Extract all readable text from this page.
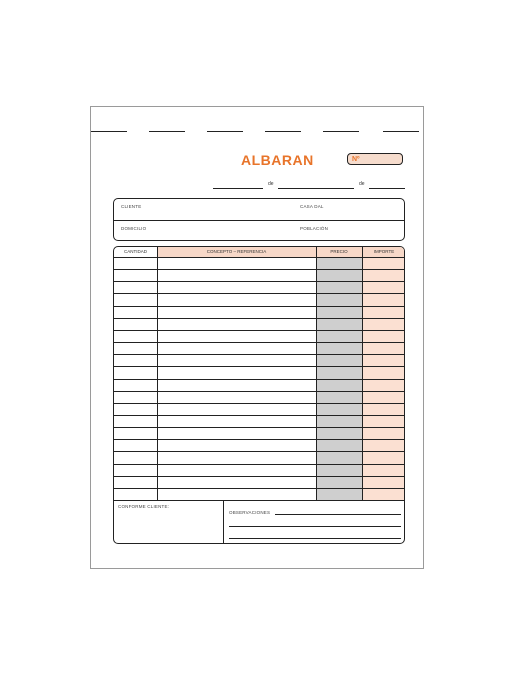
ALBARAN	Nº
de	de
CLIENTE	CASA DAL
DOMICILIO	POBLACIÓN
CANTIDAD	CONCEPTO – REFERENCIA	PRECIO	IMPORTE
CONFORME CLIENTE:
OBSERVACIONES
